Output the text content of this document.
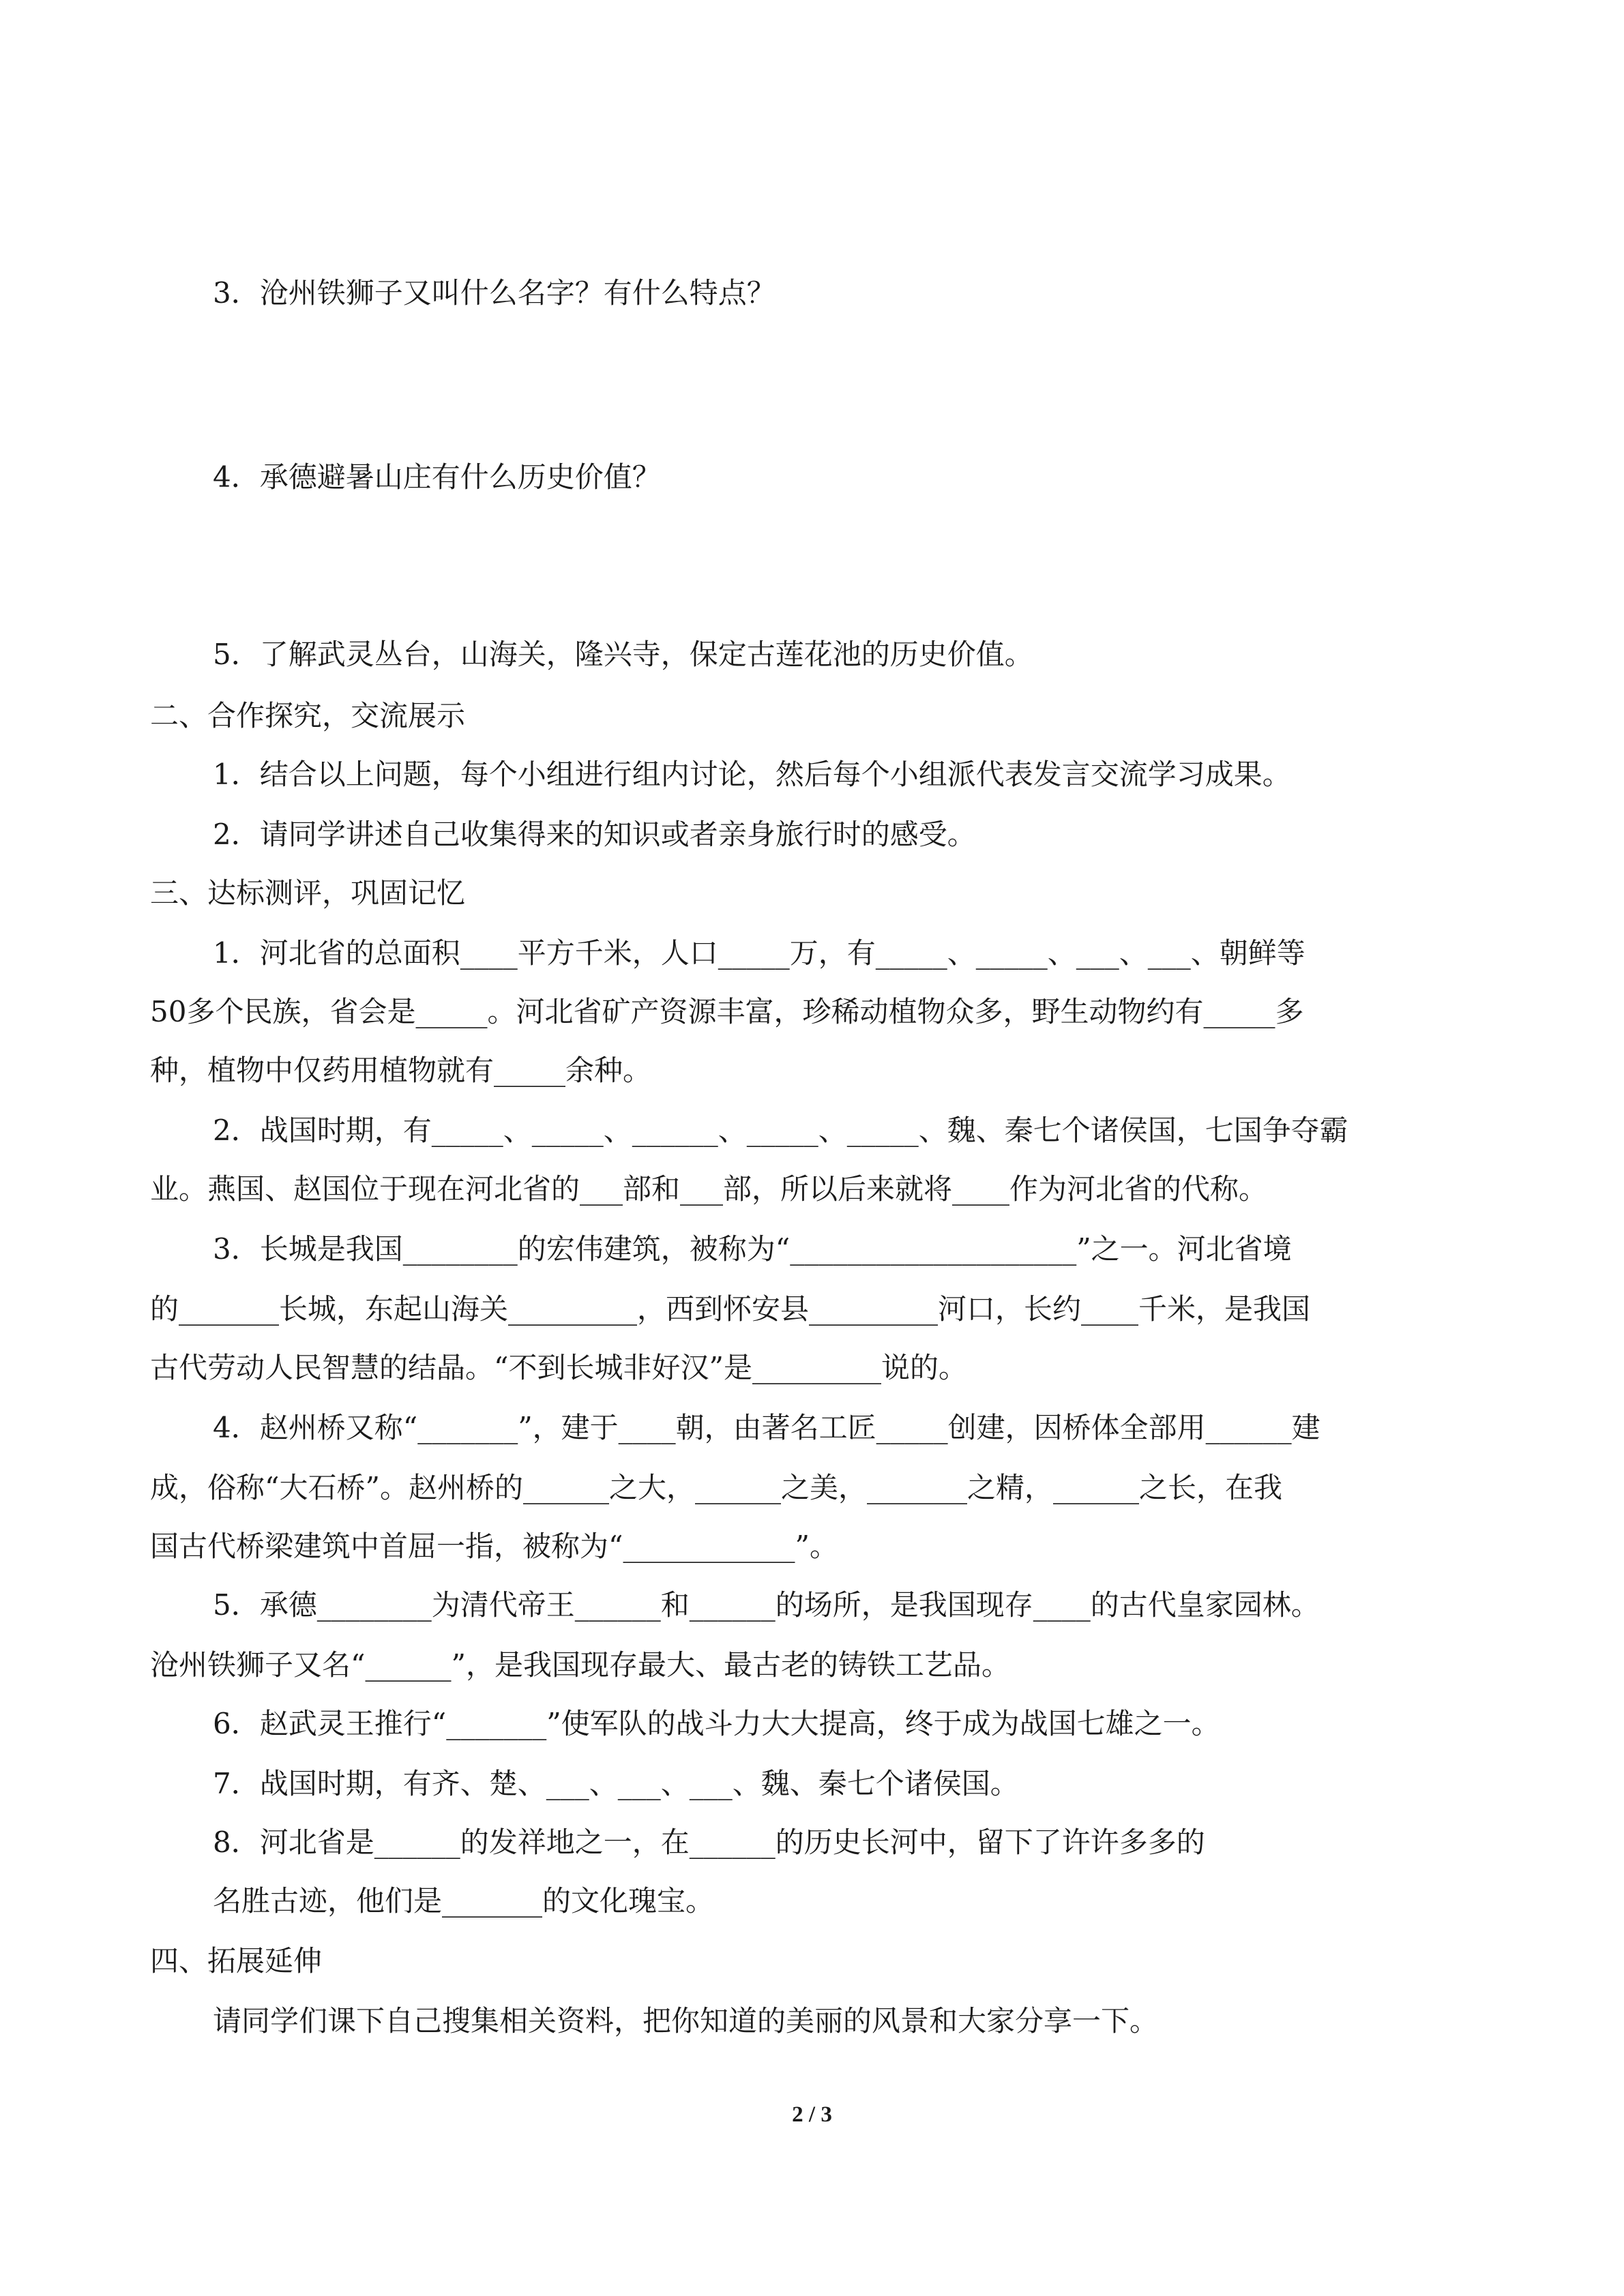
3．沧州铁狮子又叫什么名字？有什么特点？
4．承德避暑山庄有什么历史价值？
5．了解武灵丛台，山海关，隆兴寺，保定古莲花池的历史价值。
二、合作探究，交流展示
1．结合以上问题，每个小组进行组内讨论，然后每个小组派代表发言交流学习成果。
2．请同学讲述自己收集得来的知识或者亲身旅行时的感受。
三、达标测评，巩固记忆
1．河北省的总面积____平方千米，人口_____万，有_____、_____、___、___、朝鲜等
50多个民族，省会是_____。河北省矿产资源丰富，珍稀动植物众多，野生动物约有_____多
种，植物中仅药用植物就有_____余种。
2．战国时期，有_____、_____、______、_____、_____、魏、秦七个诸侯国，七国争夺霸
业。燕国、赵国位于现在河北省的___部和___部，所以后来就将____作为河北省的代称。
3．长城是我国________的宏伟建筑，被称为“____________________”之一。河北省境
的_______长城，东起山海关_________，西到怀安县_________河口，长约____千米，是我国
古代劳动人民智慧的结晶。“不到长城非好汉”是_________说的。
4．赵州桥又称“_______”，建于____朝，由著名工匠_____创建，因桥体全部用______建
成，俗称“大石桥”。赵州桥的______之大，______之美，_______之精，______之长，在我
国古代桥梁建筑中首屈一指，被称为“____________”。
5．承德________为清代帝王______和______的场所，是我国现存____的古代皇家园林。
沧州铁狮子又名“______”，是我国现存最大、最古老的铸铁工艺品。
6．赵武灵王推行“_______”使军队的战斗力大大提高，终于成为战国七雄之一。
7．战国时期，有齐、楚、___、___、___、魏、秦七个诸侯国。
8．河北省是______的发祥地之一，在______的历史长河中，留下了许许多多的
名胜古迹，他们是_______的文化瑰宝。
四、拓展延伸
请同学们课下自己搜集相关资料，把你知道的美丽的风景和大家分享一下。
2 / 3
